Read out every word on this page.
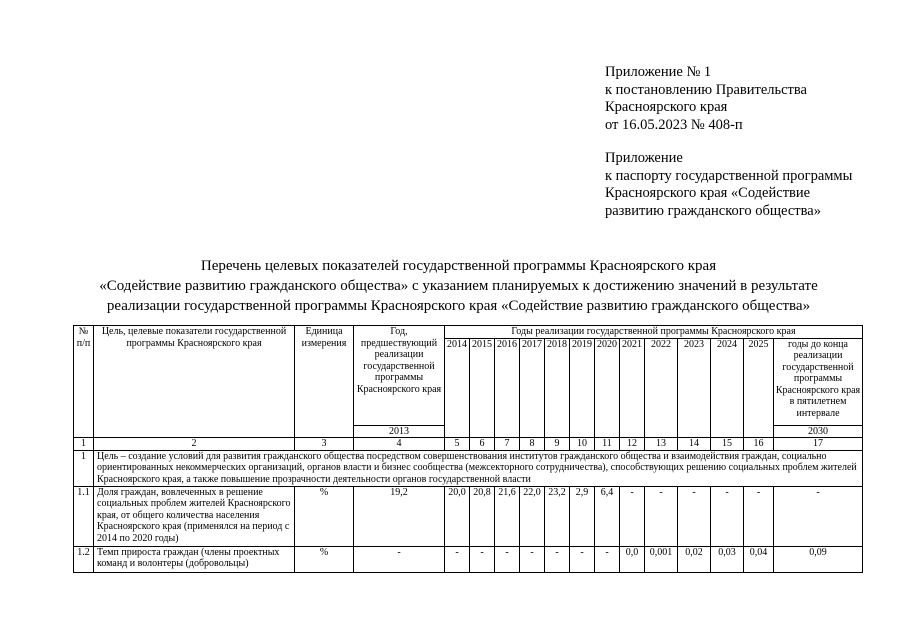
Приложение № 1
к постановлению Правительства
Красноярского края
от 16.05.2023 № 408-п
Приложение
к паспорту государственной программы
Красноярского края «Содействие
развитию гражданского общества»
Перечень целевых показателей государственной программы Красноярского края
«Содействие развитию гражданского общества» с указанием планируемых к достижению значений в результате
реализации государственной программы Красноярского края «Содействие развитию гражданского общества»
№ п/п	Цель, целевые показатели государственной программы Красноярского края	Единица измерения	Год, предшествующий реализации государственной программы Красноярского края	Годы реализации государственной программы Красноярского края												
				2014	2015	2016	2017	2018	2019	2020	2021	2022	2023	2024	2025	годы до конца реализации государственной программы Красноярского края в пятилетнем интервале
			2013													2030
1	2	3	4	5	6	7	8	9	10	11	12	13	14	15	16	17
1	Цель – создание условий для развития гражданского общества посредством совершенствования институтов гражданского общества и взаимодействия граждан, социально ориентированных некоммерческих организаций, органов власти и бизнес сообщества (межсекторного сотрудничества), способствующих решению социальных проблем жителей Красноярского края, а также повышение прозрачности деятельности органов государственной власти															
1.1	Доля граждан, вовлеченных в решение социальных проблем жителей Красноярского края, от общего количества населения Красноярского края (применялся на период с 2014 по 2020 годы)	%	19,2	20,0	20,8	21,6	22,0	23,2	2,9	6,4	-	-	-	-	-	-
1.2	Темп прироста граждан (члены проектных команд и волонтеры (добровольцы)	%	-	-	-	-	-	-	-	-	0,0	0,001	0,02	0,03	0,04	0,09
